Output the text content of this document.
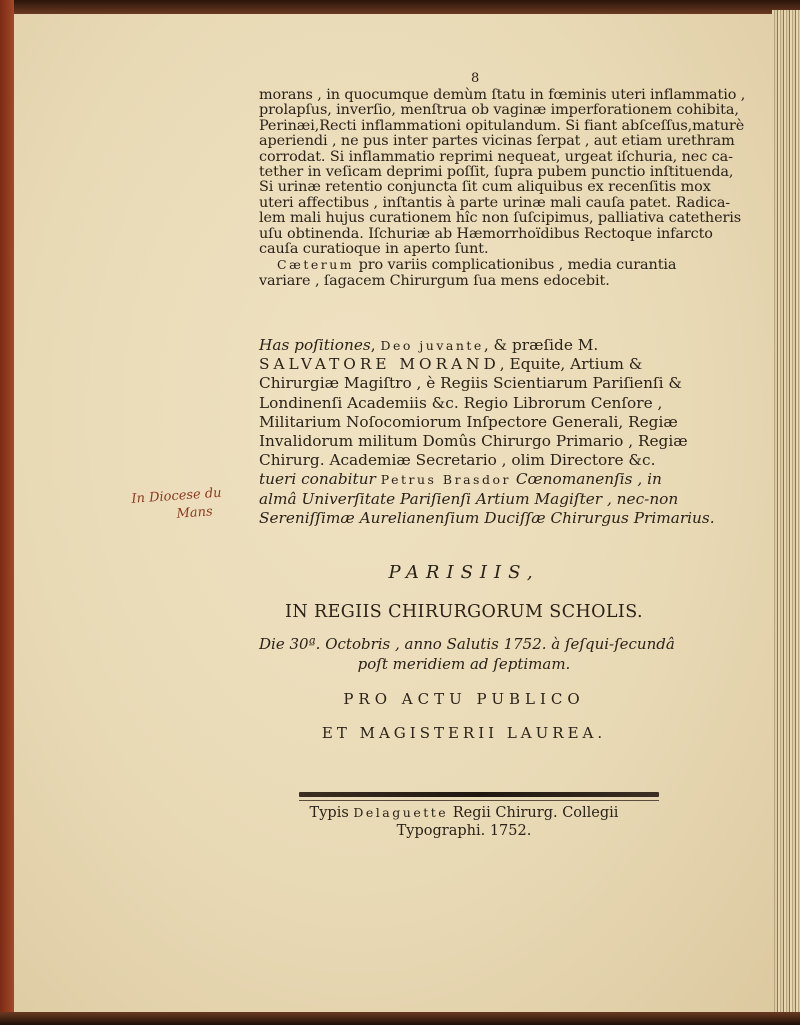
8
morans , in quocumque demùm ſtatu in fœminis uteri inflammatio ,
prolapſus, inverſio, menſtrua ob vaginæ imperforationem cohibita,
Perinæi,Recti inflammationi opitulandum. Si fiant abſceſſus,maturè
aperiendi , ne pus inter partes vicinas ſerpat , aut etiam urethram
corrodat. Si inflammatio reprimi nequeat, urgeat iſchuria, nec ca-
tether in veſicam deprimi poſſit, ſupra pubem punctio inſtituenda,
Si urinæ retentio conjuncta ſit cum aliquibus ex recenſitis mox
uteri affectibus , inſtantis à parte urinæ mali cauſa patet. Radica-
lem mali hujus curationem hîc non ſuſcipimus, palliativa catetheris
uſu obtinenda. Iſchuriæ ab Hæmorrhoïdibus Rectoque infarcto
cauſa curatioque in aperto ſunt.
Cæterum pro variis complicationibus , media curantia
variare , ſagacem Chirurgum ſua mens edocebit.
Has poſitiones, Deo juvante, & præſide M.
SALVATORE MORAND, Equite, Artium &
Chirurgiæ Magiſtro , è Regiis Scientiarum Pariſienſi &
Londinenſi Academiis &c. Regio Librorum Cenſore ,
Militarium Noſocomiorum Inſpectore Generali, Regiæ
Invalidorum militum Domûs Chirurgo Primario , Regiæ
Chirurg. Academiæ Secretario , olim Directore &c.
tueri conabitur Petrus Brasdor Cœnomanenſis , in
almâ Univerſitate Pariſienſi Artium Magiſter , nec-non
Sereniſſimæ Aurelianenſium Duciſſæ Chirurgus Primarius.
PARISIIS,
IN REGIIS CHIRURGORUM SCHOLIS.
Die 30ª. Octobris , anno Salutis 1752. à ſeſqui-ſecundâ
poſt meridiem ad ſeptimam.
PRO ACTU PUBLICO
ET MAGISTERII LAUREA.
Typis Delaguette Regii Chirurg. Collegii
Typographi. 1752.
In Diocese du
Mans
